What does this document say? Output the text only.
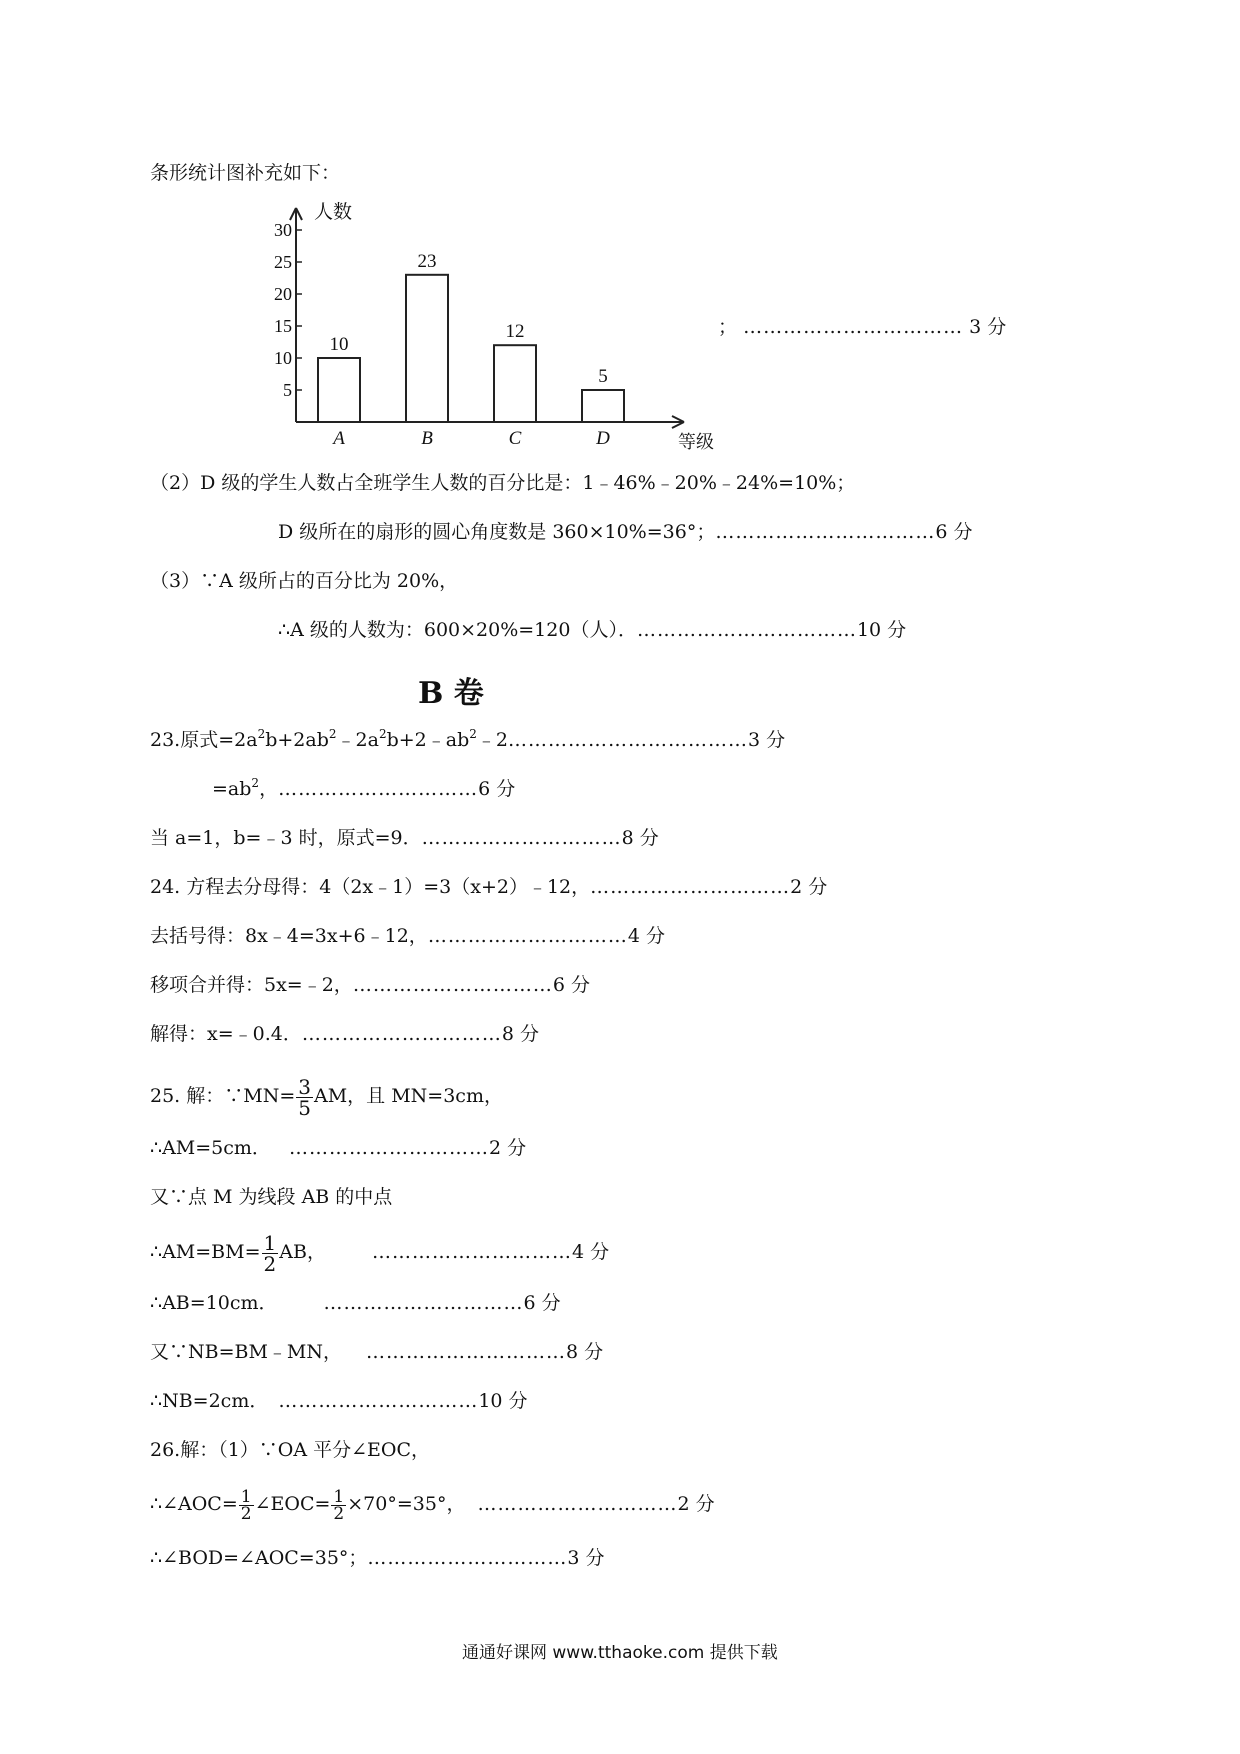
条形统计图补充如下：
5
10
15
20
25
30
人数
等级
10
A
23
B
12
C
5
D
； …………………………… 3 分
（2）D 级的学生人数占全班学生人数的百分比是：1﹣46%﹣20%﹣24%=10%；
D 级所在的扇形的圆心角度数是 360×10%=36°；……………………………6 分
（3）∵A 级所占的百分比为 20%，
∴A 级的人数为：600×20%=120（人）．……………………………10 分
B 卷
23.原式$=2a^2b+2ab^2﹣2a^2b+2﹣ab^2﹣2\dots\dots\dots\dots\dots\dots\dots\dots\dots\dots\dots\dots 3$ 分
$=ab^2$，…………………………6 分
当 a=1，b=﹣3 时，原式=9．…………………………8 分
24. 方程去分母得：4（2x﹣1）=3（x+2）﹣12，…………………………2 分
去括号得：8x﹣4=3x+6﹣12，…………………………4 分
移项合并得：5x=﹣2，…………………………6 分
解得：x=﹣0.4．…………………………8 分
25. 解：∵MN= $\frac{3}{5}$ AM，且 MN=3cm，
∴AM=5cm． …………………………2 分
又∵点 M 为线段 AB 的中点
∴AM=BM= $\frac{1}{2}$ AB， …………………………4 分
∴AB=10cm． …………………………6 分
又∵NB=BM﹣MN， …………………………8 分
∴NB=2cm． …………………………10 分
26.解：（1）∵OA 平分∠EOC，
∴∠AOC= $\frac{1}{2}$ ∠EOC= $\frac{1}{2} \times 70^\circ=35^\circ$， …………………………2 分
∴∠BOD=∠AOC=35°；…………………………3 分
通通好课网 www.tthaoke.com 提供下载
